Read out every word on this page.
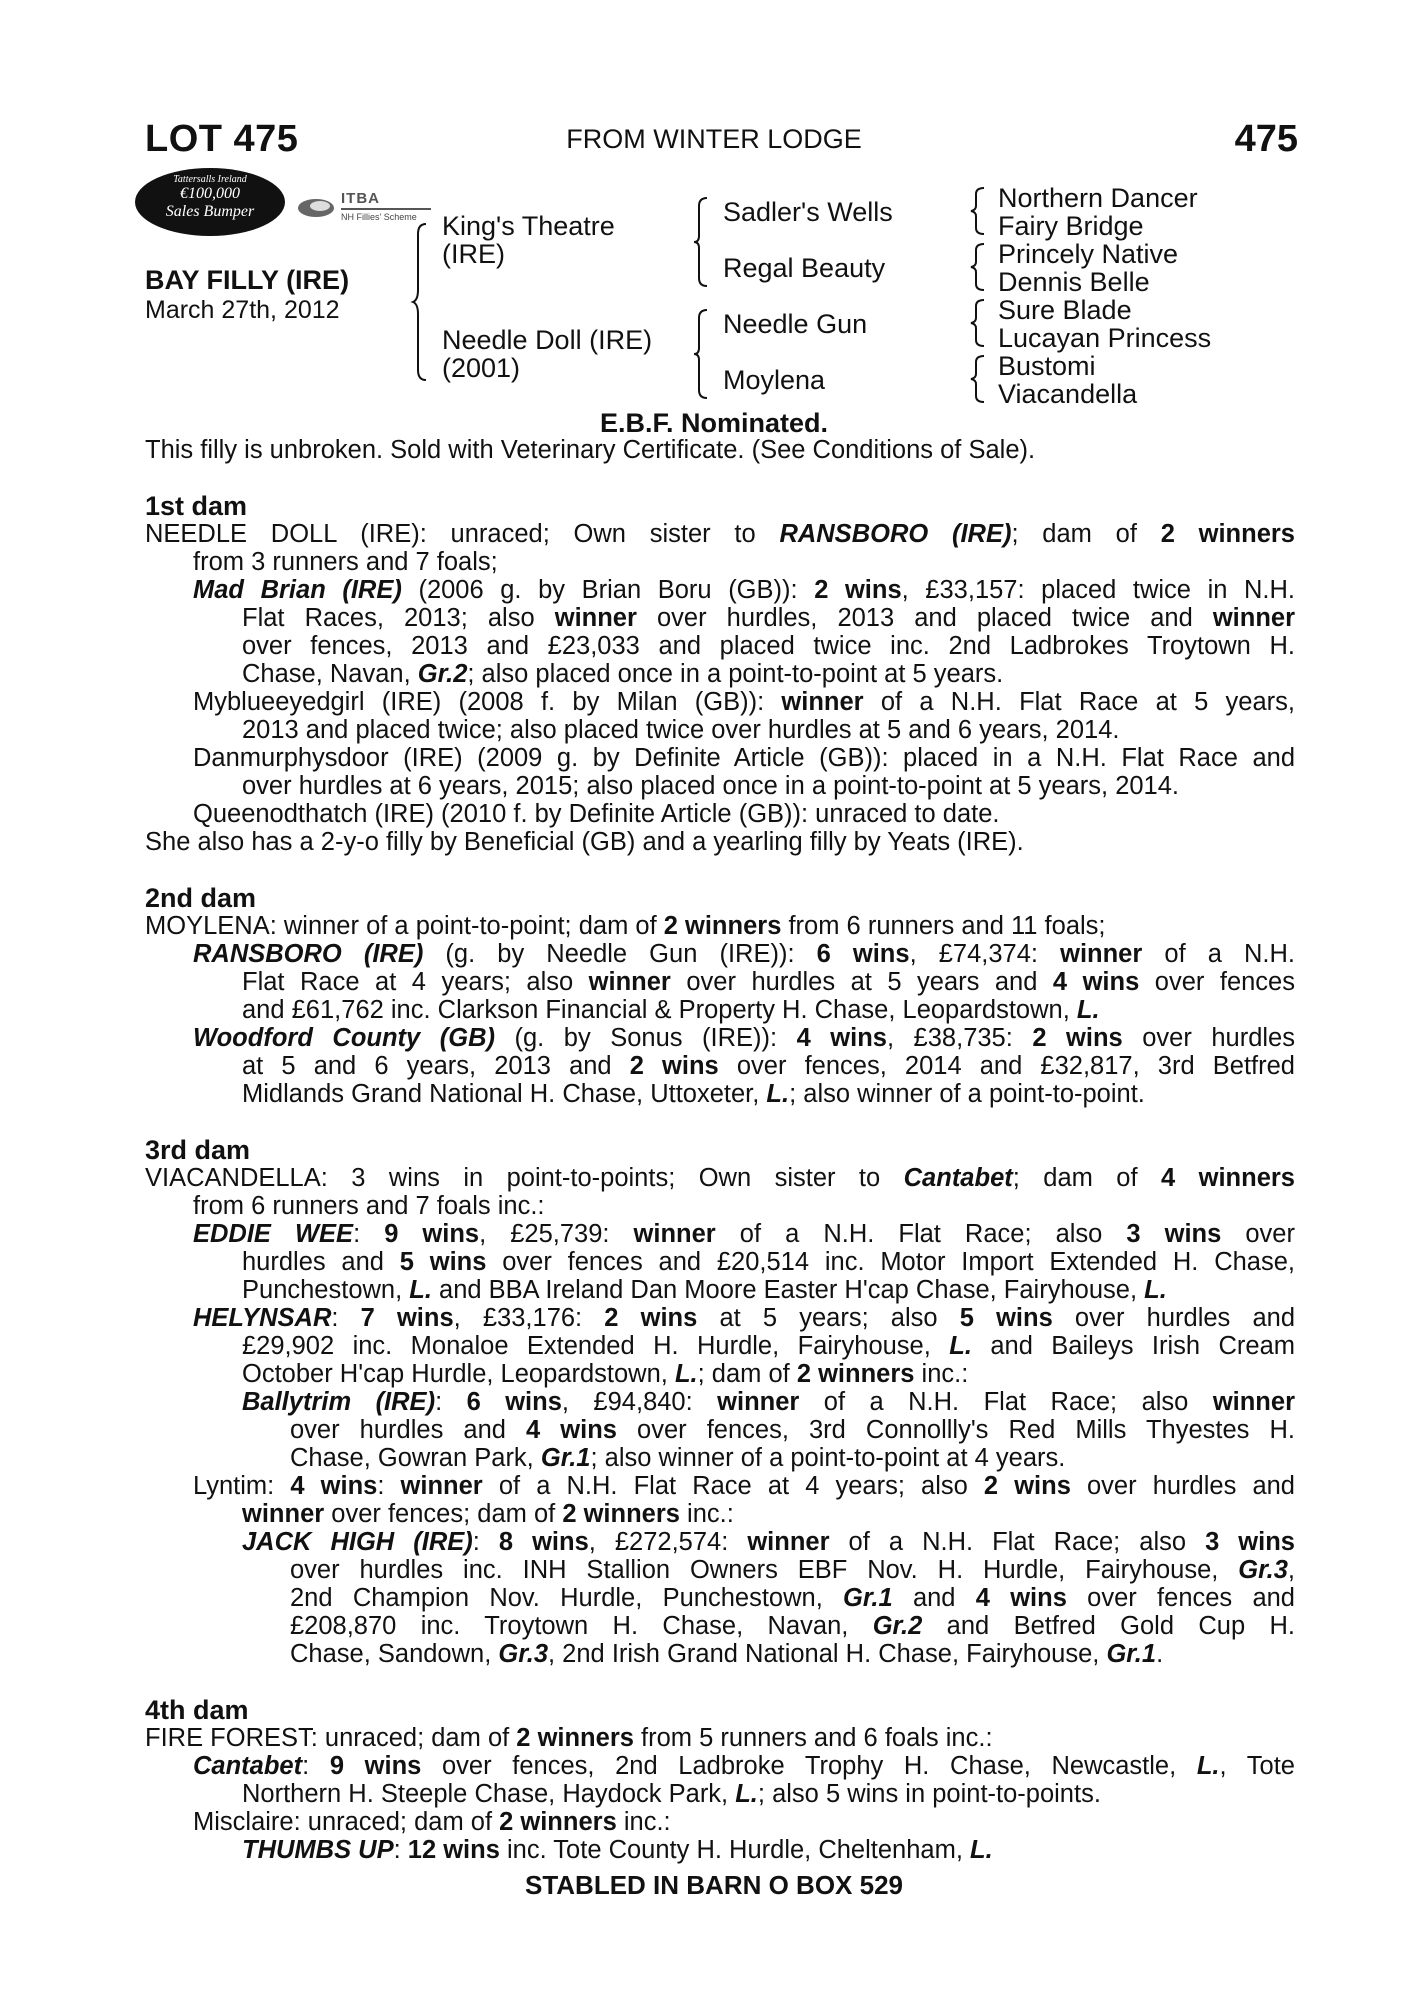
LOT 475	FROM WINTER LODGE	475
Tattersalls Ireland
€100,000
Sales Bumper
ITBA
NH Fillies' Scheme
BAY FILLY (IRE)
March 27th, 2012
King's Theatre
(IRE)
Needle Doll (IRE)
(2001)
Sadler's Wells
Regal Beauty
Needle Gun
Moylena
Northern Dancer
Fairy Bridge
Princely Native
Dennis Belle
Sure Blade
Lucayan Princess
Bustomi
Viacandella
E.B.F. Nominated.
This filly is unbroken. Sold with Veterinary Certificate. (See Conditions of Sale).
1st dam
NEEDLE DOLL (IRE): unraced; Own sister to RANSBORO (IRE); dam of 2 winners
from 3 runners and 7 foals;
Mad Brian (IRE) (2006 g. by Brian Boru (GB)): 2 wins, £33,157: placed twice in N.H.
Flat Races, 2013; also winner over hurdles, 2013 and placed twice and winner
over fences, 2013 and £23,033 and placed twice inc. 2nd Ladbrokes Troytown H.
Chase, Navan, Gr.2; also placed once in a point-to-point at 5 years.
Myblueeyedgirl (IRE) (2008 f. by Milan (GB)): winner of a N.H. Flat Race at 5 years,
2013 and placed twice; also placed twice over hurdles at 5 and 6 years, 2014.
Danmurphysdoor (IRE) (2009 g. by Definite Article (GB)): placed in a N.H. Flat Race and
over hurdles at 6 years, 2015; also placed once in a point-to-point at 5 years, 2014.
Queenodthatch (IRE) (2010 f. by Definite Article (GB)): unraced to date.
She also has a 2-y-o filly by Beneficial (GB) and a yearling filly by Yeats (IRE).
2nd dam
MOYLENA: winner of a point-to-point; dam of 2 winners from 6 runners and 11 foals;
RANSBORO (IRE) (g. by Needle Gun (IRE)): 6 wins, £74,374: winner of a N.H.
Flat Race at 4 years; also winner over hurdles at 5 years and 4 wins over fences
and £61,762 inc. Clarkson Financial & Property H. Chase, Leopardstown, L.
Woodford County (GB) (g. by Sonus (IRE)): 4 wins, £38,735: 2 wins over hurdles
at 5 and 6 years, 2013 and 2 wins over fences, 2014 and £32,817, 3rd Betfred
Midlands Grand National H. Chase, Uttoxeter, L.; also winner of a point-to-point.
3rd dam
VIACANDELLA: 3 wins in point-to-points; Own sister to Cantabet; dam of 4 winners
from 6 runners and 7 foals inc.:
EDDIE WEE: 9 wins, £25,739: winner of a N.H. Flat Race; also 3 wins over
hurdles and 5 wins over fences and £20,514 inc. Motor Import Extended H. Chase,
Punchestown, L. and BBA Ireland Dan Moore Easter H'cap Chase, Fairyhouse, L.
HELYNSAR: 7 wins, £33,176: 2 wins at 5 years; also 5 wins over hurdles and
£29,902 inc. Monaloe Extended H. Hurdle, Fairyhouse, L. and Baileys Irish Cream
October H'cap Hurdle, Leopardstown, L.; dam of 2 winners inc.:
Ballytrim (IRE): 6 wins, £94,840: winner of a N.H. Flat Race; also winner
over hurdles and 4 wins over fences, 3rd Connollly's Red Mills Thyestes H.
Chase, Gowran Park, Gr.1; also winner of a point-to-point at 4 years.
Lyntim: 4 wins: winner of a N.H. Flat Race at 4 years; also 2 wins over hurdles and
winner over fences; dam of 2 winners inc.:
JACK HIGH (IRE): 8 wins, £272,574: winner of a N.H. Flat Race; also 3 wins
over hurdles inc. INH Stallion Owners EBF Nov. H. Hurdle, Fairyhouse, Gr.3,
2nd Champion Nov. Hurdle, Punchestown, Gr.1 and 4 wins over fences and
£208,870 inc. Troytown H. Chase, Navan, Gr.2 and Betfred Gold Cup H.
Chase, Sandown, Gr.3, 2nd Irish Grand National H. Chase, Fairyhouse, Gr.1.
4th dam
FIRE FOREST: unraced; dam of 2 winners from 5 runners and 6 foals inc.:
Cantabet: 9 wins over fences, 2nd Ladbroke Trophy H. Chase, Newcastle, L., Tote
Northern H. Steeple Chase, Haydock Park, L.; also 5 wins in point-to-points.
Misclaire: unraced; dam of 2 winners inc.:
THUMBS UP: 12 wins inc. Tote County H. Hurdle, Cheltenham, L.
STABLED IN BARN O BOX 529
